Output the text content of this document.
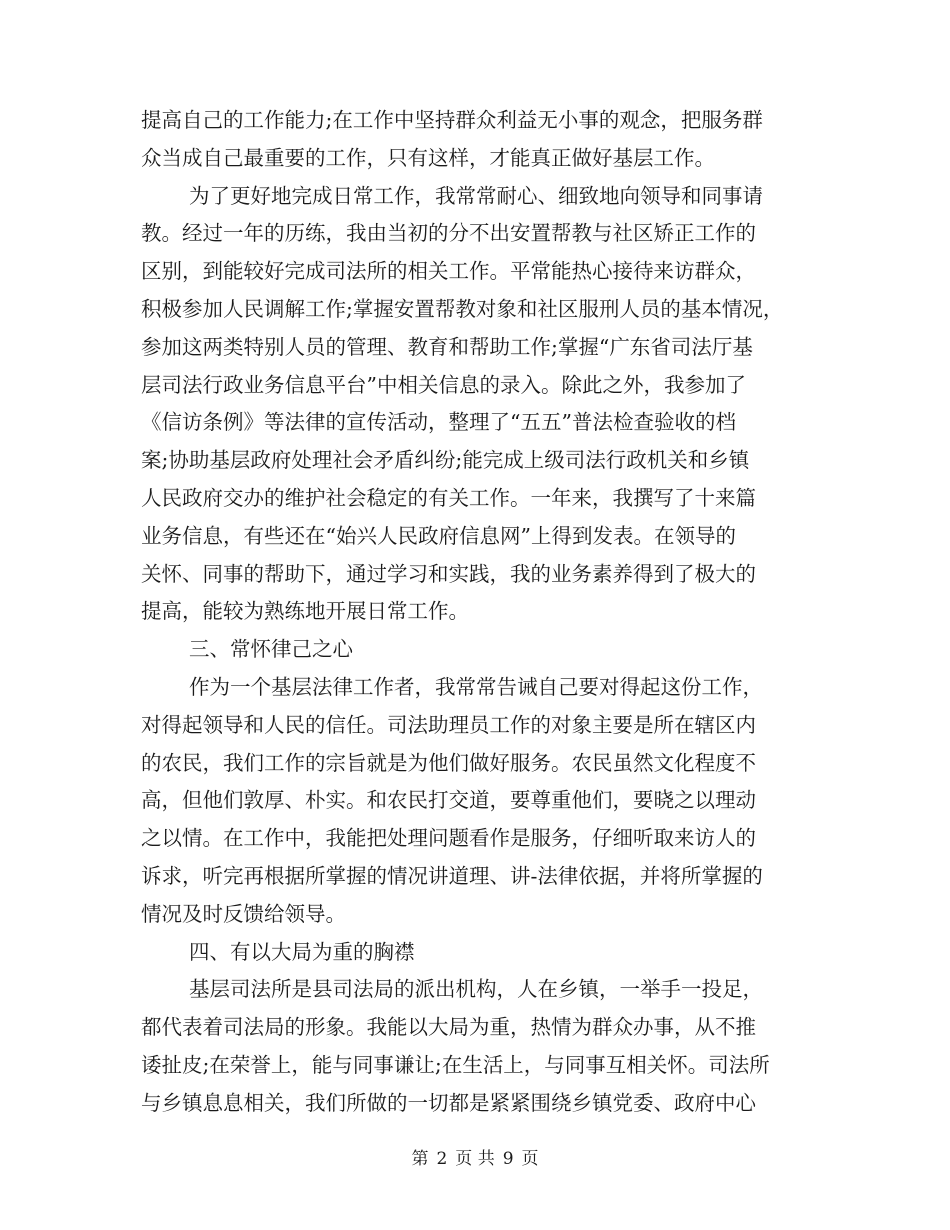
提高自己的工作能力;在工作中坚持群众利益无小事的观念，把服务群
众当成自己最重要的工作，只有这样，才能真正做好基层工作。
为了更好地完成日常工作，我常常耐心、细致地向领导和同事请
教。经过一年的历练，我由当初的分不出安置帮教与社区矫正工作的
区别，到能较好完成司法所的相关工作。平常能热心接待来访群众，
积极参加人民调解工作;掌握安置帮教对象和社区服刑人员的基本情况，
参加这两类特别人员的管理、教育和帮助工作;掌握“广东省司法厅基
层司法行政业务信息平台”中相关信息的录入。除此之外，我参加了
《信访条例》等法律的宣传活动，整理了“五五”普法检查验收的档
案;协助基层政府处理社会矛盾纠纷;能完成上级司法行政机关和乡镇
人民政府交办的维护社会稳定的有关工作。一年来，我撰写了十来篇
业务信息，有些还在“始兴人民政府信息网”上得到发表。在领导的
关怀、同事的帮助下，通过学习和实践，我的业务素养得到了极大的
提高，能较为熟练地开展日常工作。
三、常怀律己之心
作为一个基层法律工作者，我常常告诫自己要对得起这份工作，
对得起领导和人民的信任。司法助理员工作的对象主要是所在辖区内
的农民，我们工作的宗旨就是为他们做好服务。农民虽然文化程度不
高，但他们敦厚、朴实。和农民打交道，要尊重他们，要晓之以理动
之以情。在工作中，我能把处理问题看作是服务，仔细听取来访人的
诉求，听完再根据所掌握的情况讲道理、讲-法律依据，并将所掌握的
情况及时反馈给领导。
四、有以大局为重的胸襟
基层司法所是县司法局的派出机构，人在乡镇，一举手一投足，
都代表着司法局的形象。我能以大局为重，热情为群众办事，从不推
诿扯皮;在荣誉上，能与同事谦让;在生活上，与同事互相关怀。司法所
与乡镇息息相关，我们所做的一切都是紧紧围绕乡镇党委、政府中心
第 2 页 共 9 页
